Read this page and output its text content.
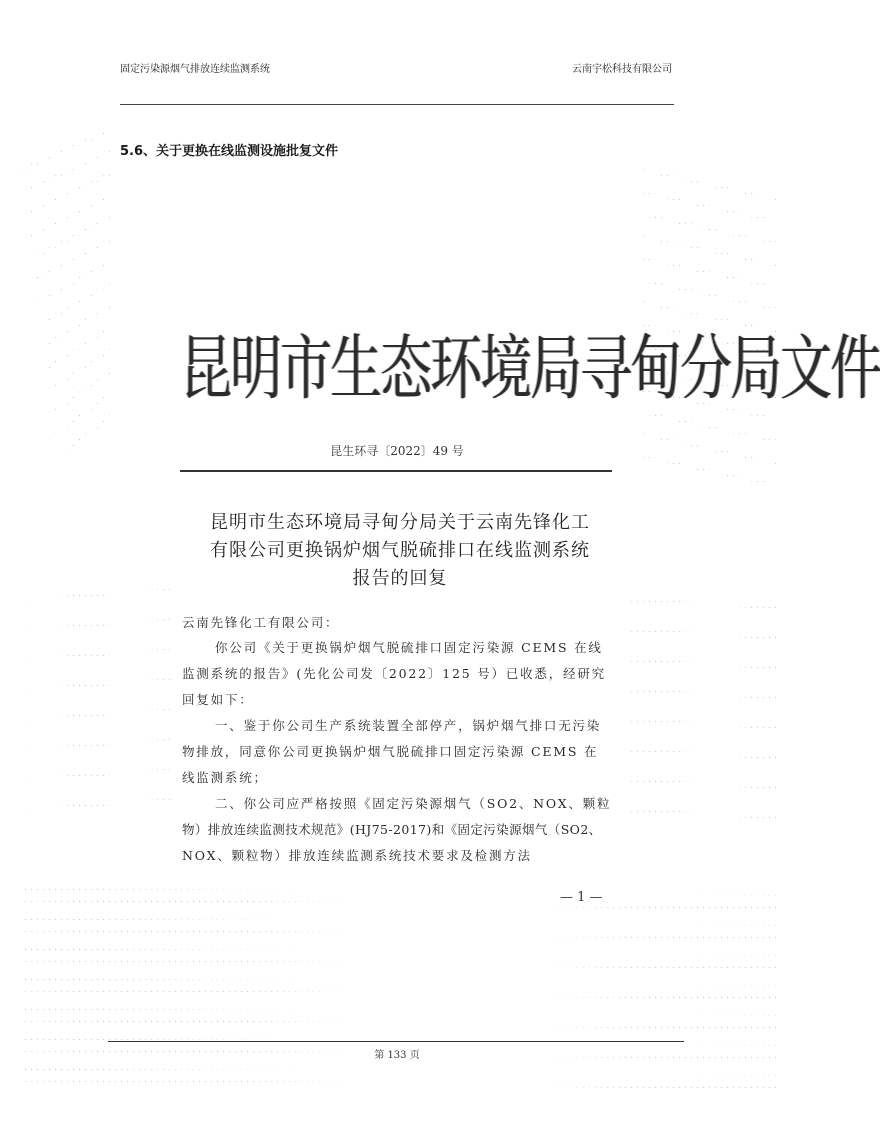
固定污染源烟气排放连续监测系统	云南宇松科技有限公司
5.6、关于更换在线监测设施批复文件
昆明市生态环境局寻甸分局文件
昆生环寻〔2022〕49 号
昆明市生态环境局寻甸分局关于云南先锋化工
有限公司更换锅炉烟气脱硫排口在线监测系统
报告的回复
云南先锋化工有限公司：
你公司《关于更换锅炉烟气脱硫排口固定污染源 CEMS 在线
监测系统的报告》(先化公司发〔2022〕125 号）已收悉，经研究
回复如下：
一、鉴于你公司生产系统装置全部停产，锅炉烟气排口无污染
物排放，同意你公司更换锅炉烟气脱硫排口固定污染源 CEMS 在
线监测系统；
二、你公司应严格按照《固定污染源烟气（SO2、NOX、颗粒
物）排放连续监测技术规范》(HJ75-2017)和《固定污染源烟气（SO2、
NOX、颗粒物）排放连续监测系统技术要求及检测方法
— 1 —
第 133 页
